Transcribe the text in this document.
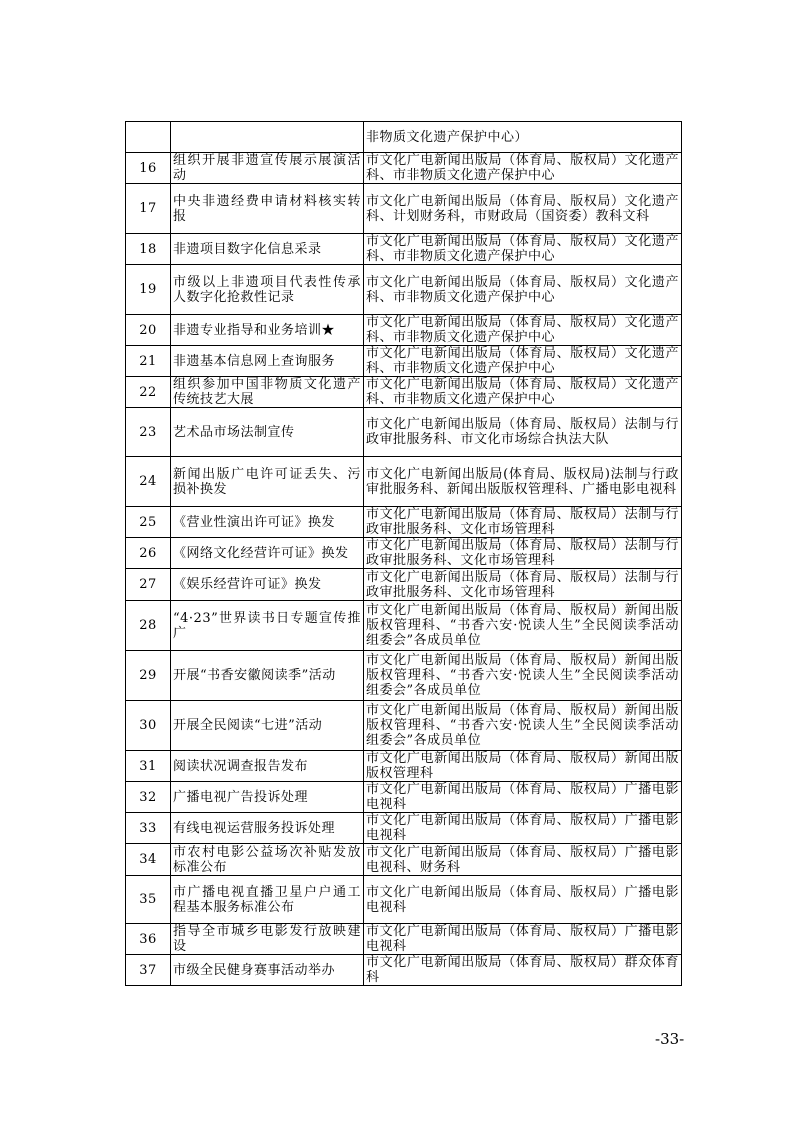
		非物质文化遗产保护中心）
16	组织开展非遗宣传展示展演活动	市文化广电新闻出版局（体育局、版权局）文化遗产科、市非物质文化遗产保护中心
17	中央非遗经费申请材料核实转报	市文化广电新闻出版局（体育局、版权局）文化遗产科、计划财务科，市财政局（国资委）教科文科
18	非遗项目数字化信息采录	市文化广电新闻出版局（体育局、版权局）文化遗产科、市非物质文化遗产保护中心
19	市级以上非遗项目代表性传承人数字化抢救性记录	市文化广电新闻出版局（体育局、版权局）文化遗产科、市非物质文化遗产保护中心
20	非遗专业指导和业务培训★	市文化广电新闻出版局（体育局、版权局）文化遗产科、市非物质文化遗产保护中心
21	非遗基本信息网上查询服务	市文化广电新闻出版局（体育局、版权局）文化遗产科、市非物质文化遗产保护中心
22	组织参加中国非物质文化遗产传统技艺大展	市文化广电新闻出版局（体育局、版权局）文化遗产科、市非物质文化遗产保护中心
23	艺术品市场法制宣传	市文化广电新闻出版局（体育局、版权局）法制与行政审批服务科、市文化市场综合执法大队
24	新闻出版广电许可证丢失、污损补换发	市文化广电新闻出版局(体育局、版权局)法制与行政审批服务科、新闻出版版权管理科、广播电影电视科
25	《营业性演出许可证》换发	市文化广电新闻出版局（体育局、版权局）法制与行政审批服务科、文化市场管理科
26	《网络文化经营许可证》换发	市文化广电新闻出版局（体育局、版权局）法制与行政审批服务科、文化市场管理科
27	《娱乐经营许可证》换发	市文化广电新闻出版局（体育局、版权局）法制与行政审批服务科、文化市场管理科
28	“4·23”世界读书日专题宣传推广	市文化广电新闻出版局（体育局、版权局）新闻出版版权管理科、“书香六安·悦读人生”全民阅读季活动组委会”各成员单位
29	开展“书香安徽阅读季”活动	市文化广电新闻出版局（体育局、版权局）新闻出版版权管理科、“书香六安·悦读人生”全民阅读季活动组委会”各成员单位
30	开展全民阅读“七进”活动	市文化广电新闻出版局（体育局、版权局）新闻出版版权管理科、“书香六安·悦读人生”全民阅读季活动组委会”各成员单位
31	阅读状况调查报告发布	市文化广电新闻出版局（体育局、版权局）新闻出版版权管理科
32	广播电视广告投诉处理	市文化广电新闻出版局（体育局、版权局）广播电影电视科
33	有线电视运营服务投诉处理	市文化广电新闻出版局（体育局、版权局）广播电影电视科
34	市农村电影公益场次补贴发放标准公布	市文化广电新闻出版局（体育局、版权局）广播电影电视科、财务科
35	市广播电视直播卫星户户通工程基本服务标准公布	市文化广电新闻出版局（体育局、版权局）广播电影电视科
36	指导全市城乡电影发行放映建设	市文化广电新闻出版局（体育局、版权局）广播电影电视科
37	市级全民健身赛事活动举办	市文化广电新闻出版局（体育局、版权局）群众体育科
-33-
